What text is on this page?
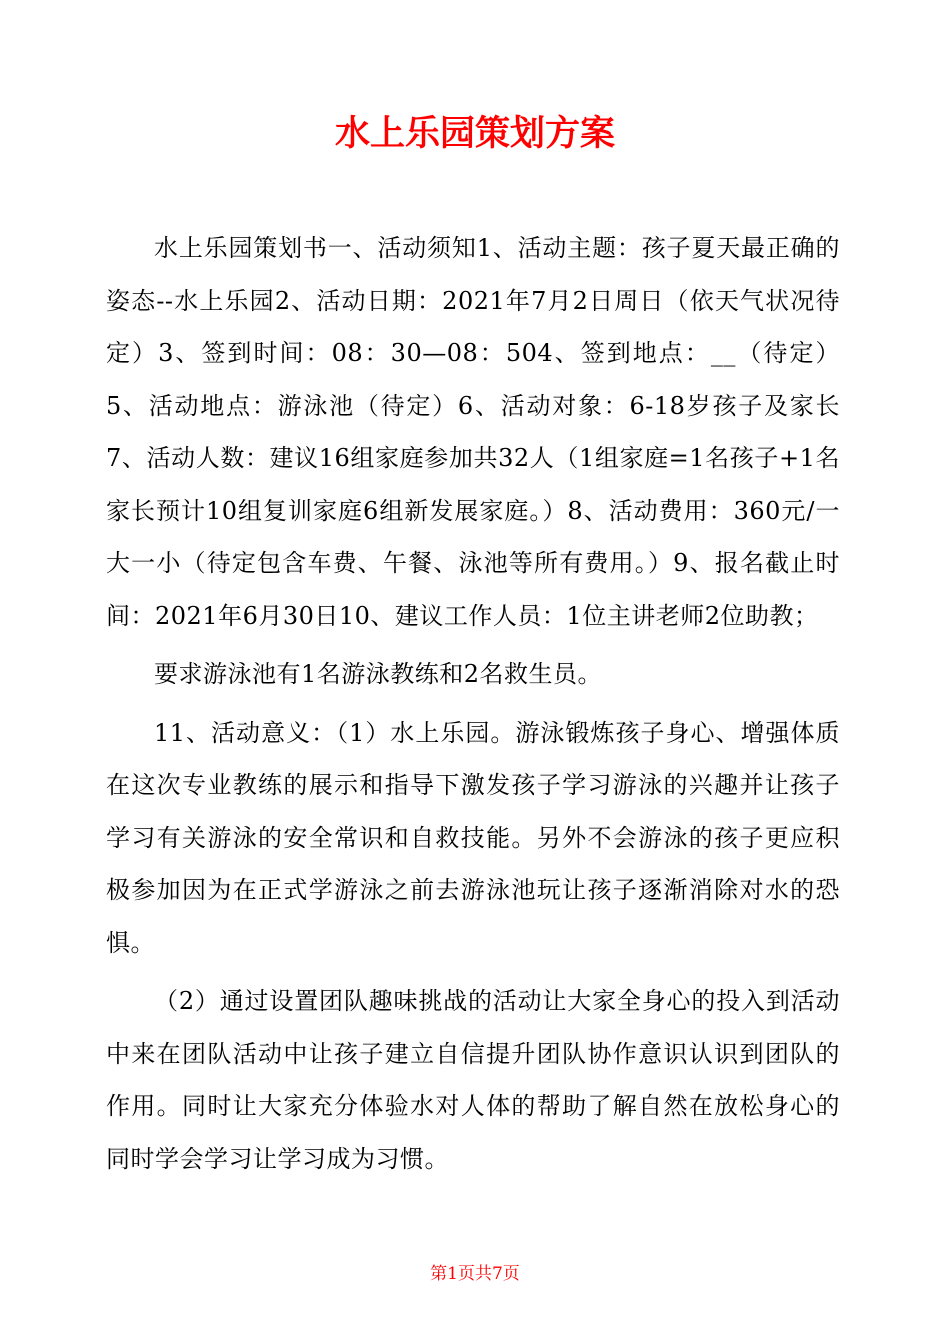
水上乐园策划方案

水上乐园策划书一、活动须知1、活动主题：孩子夏天最正确的姿态--水上乐园2、活动日期：2021年7月2日周日（依天气状况待定）3、签到时间：08：30—08：504、签到地点：__（待定）5、活动地点：游泳池（待定）6、活动对象：6-18岁孩子及家长7、活动人数：建议16组家庭参加共32人（1组家庭=1名孩子+1名家长预计10组复训家庭6组新发展家庭。）8、活动费用：360元/一大一小（待定包含车费、午餐、泳池等所有费用。）9、报名截止时间：2021年6月30日10、建议工作人员：1位主讲老师2位助教；

要求游泳池有1名游泳教练和2名救生员。

11、活动意义：（1）水上乐园。游泳锻炼孩子身心、增强体质在这次专业教练的展示和指导下激发孩子学习游泳的兴趣并让孩子学习有关游泳的安全常识和自救技能。另外不会游泳的孩子更应积极参加因为在正式学游泳之前去游泳池玩让孩子逐渐消除对水的恐惧。

（2）通过设置团队趣味挑战的活动让大家全身心的投入到活动中来在团队活动中让孩子建立自信提升团队协作意识认识到团队的作用。同时让大家充分体验水对人体的帮助了解自然在放松身心的同时学会学习让学习成为习惯。

第1页共7页
